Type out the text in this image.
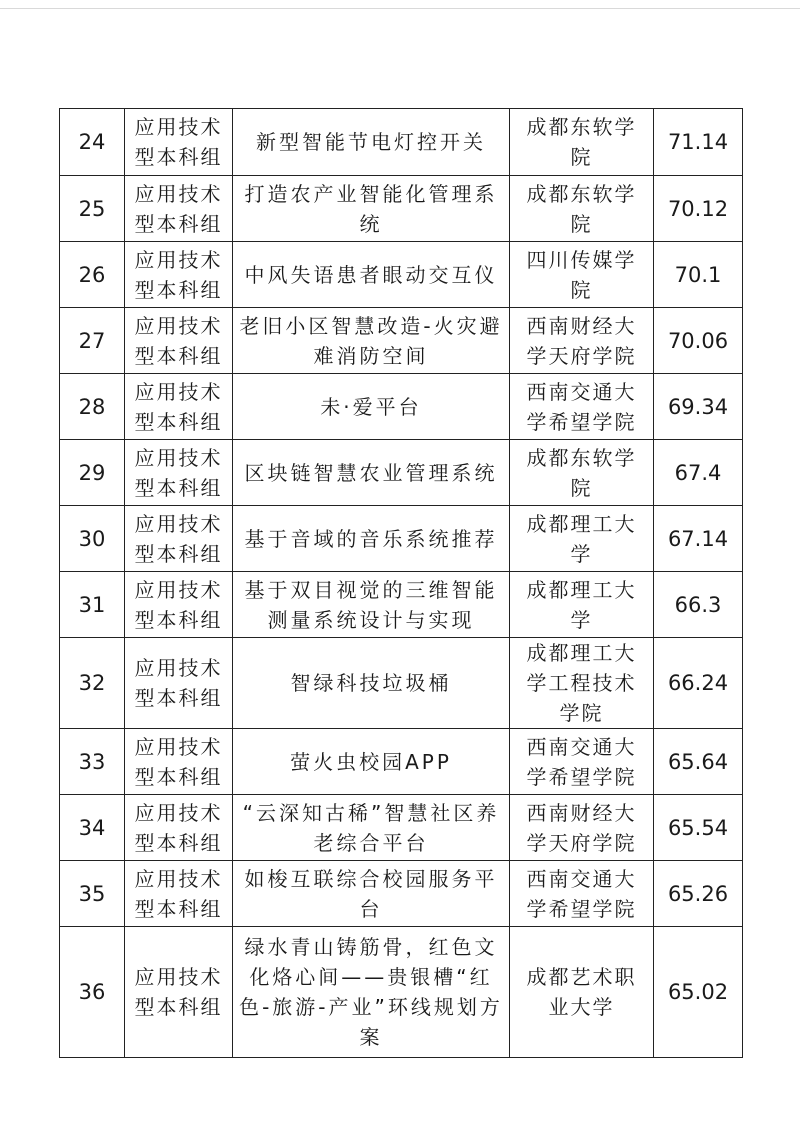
24	应用技术型本科组	新型智能节电灯控开关	成都东软学院	71.14
25	应用技术型本科组	打造农产业智能化管理系统	成都东软学院	70.12
26	应用技术型本科组	中风失语患者眼动交互仪	四川传媒学院	70.1
27	应用技术型本科组	老旧小区智慧改造-火灾避难消防空间	西南财经大学天府学院	70.06
28	应用技术型本科组	未·爱平台	西南交通大学希望学院	69.34
29	应用技术型本科组	区块链智慧农业管理系统	成都东软学院	67.4
30	应用技术型本科组	基于音域的音乐系统推荐	成都理工大学	67.14
31	应用技术型本科组	基于双目视觉的三维智能测量系统设计与实现	成都理工大学	66.3
32	应用技术型本科组	智绿科技垃圾桶	成都理工大学工程技术学院	66.24
33	应用技术型本科组	萤火虫校园APP	西南交通大学希望学院	65.64
34	应用技术型本科组	“云深知古稀”智慧社区养老综合平台	西南财经大学天府学院	65.54
35	应用技术型本科组	如梭互联综合校园服务平台	西南交通大学希望学院	65.26
36	应用技术型本科组	绿水青山铸筋骨，红色文化烙心间——贵银槽“红色-旅游-产业”环线规划方案	成都艺术职业大学	65.02
